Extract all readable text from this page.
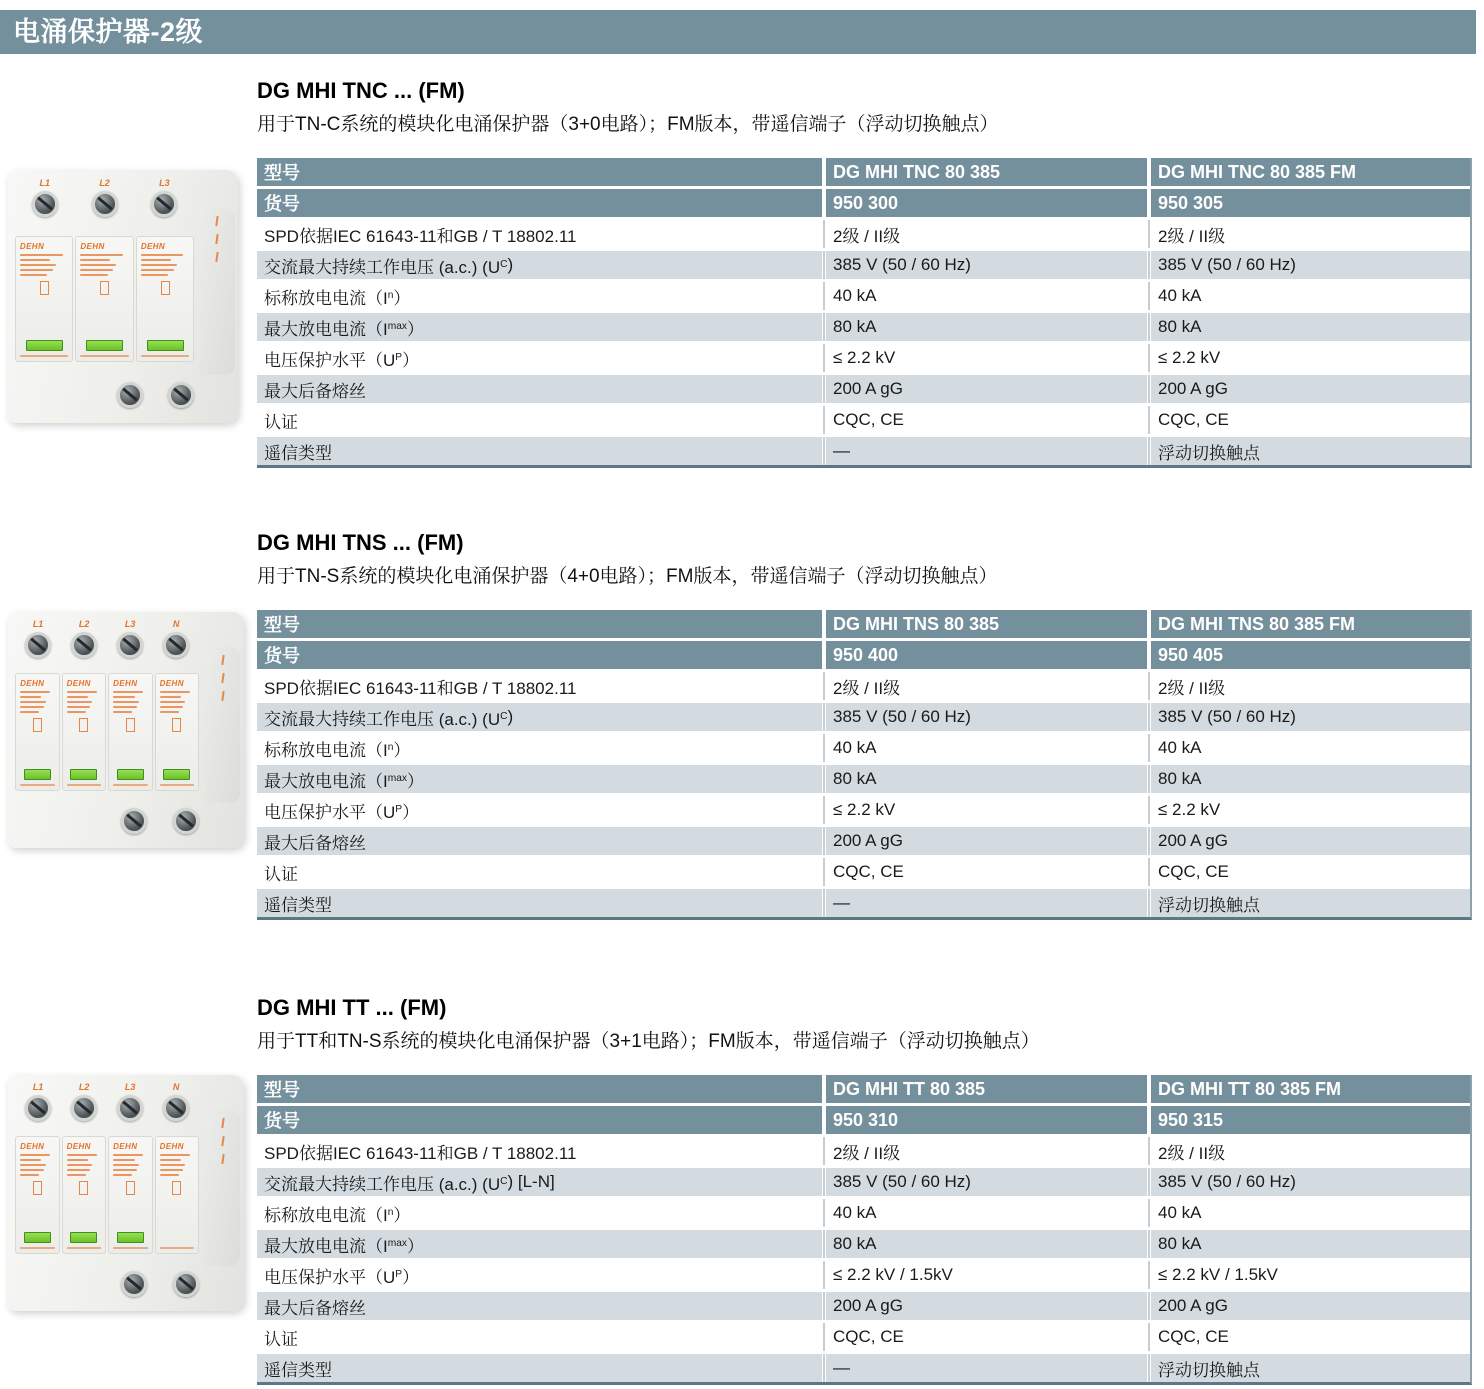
电涌保护器-2级
L1	L2	L3
DEHN	DEHN	DEHN
DG MHI TNC ... (FM)

用于TN-C系统的模块化电涌保护器（3+0电路）；FM版本，带遥信端子（浮动切换触点）

型号	DG MHI TNC 80 385	DG MHI TNC 80 385 FM
货号	950 300	950 305
SPD依据IEC 61643-11和GB / T 18802.11	2级 / II级	2级 / II级
交流最大持续工作电压 (a.c.) (U C )	385 V (50 / 60 Hz)	385 V (50 / 60 Hz)
标称放电电流（I n ）	40 kA	40 kA
最大放电电流（I max ）	80 kA	80 kA
电压保护水平（U P ）	≤ 2.2 kV	≤ 2.2 kV
最大后备熔丝	200 A gG	200 A gG
认证	CQC, CE	CQC, CE
遥信类型	—	浮动切换触点
L1	L2	L3	N
DEHN	DEHN	DEHN	DEHN
DG MHI TNS ... (FM)

用于TN-S系统的模块化电涌保护器（4+0电路）；FM版本，带遥信端子（浮动切换触点）

型号	DG MHI TNS 80 385	DG MHI TNS 80 385 FM
货号	950 400	950 405
SPD依据IEC 61643-11和GB / T 18802.11	2级 / II级	2级 / II级
交流最大持续工作电压 (a.c.) (U C )	385 V (50 / 60 Hz)	385 V (50 / 60 Hz)
标称放电电流（I n ）	40 kA	40 kA
最大放电电流（I max ）	80 kA	80 kA
电压保护水平（U P ）	≤ 2.2 kV	≤ 2.2 kV
最大后备熔丝	200 A gG	200 A gG
认证	CQC, CE	CQC, CE
遥信类型	—	浮动切换触点
L1	L2	L3	N
DEHN	DEHN	DEHN	DEHN
DG MHI TT ... (FM)

用于TT和TN-S系统的模块化电涌保护器（3+1电路）；FM版本，带遥信端子（浮动切换触点）

型号	DG MHI TT 80 385	DG MHI TT 80 385 FM
货号	950 310	950 315
SPD依据IEC 61643-11和GB / T 18802.11	2级 / II级	2级 / II级
交流最大持续工作电压 (a.c.) (U C ) [L-N]	385 V (50 / 60 Hz)	385 V (50 / 60 Hz)
标称放电电流（I n ）	40 kA	40 kA
最大放电电流（I max ）	80 kA	80 kA
电压保护水平（U P ）	≤ 2.2 kV / 1.5kV	≤ 2.2 kV / 1.5kV
最大后备熔丝	200 A gG	200 A gG
认证	CQC, CE	CQC, CE
遥信类型	—	浮动切换触点
